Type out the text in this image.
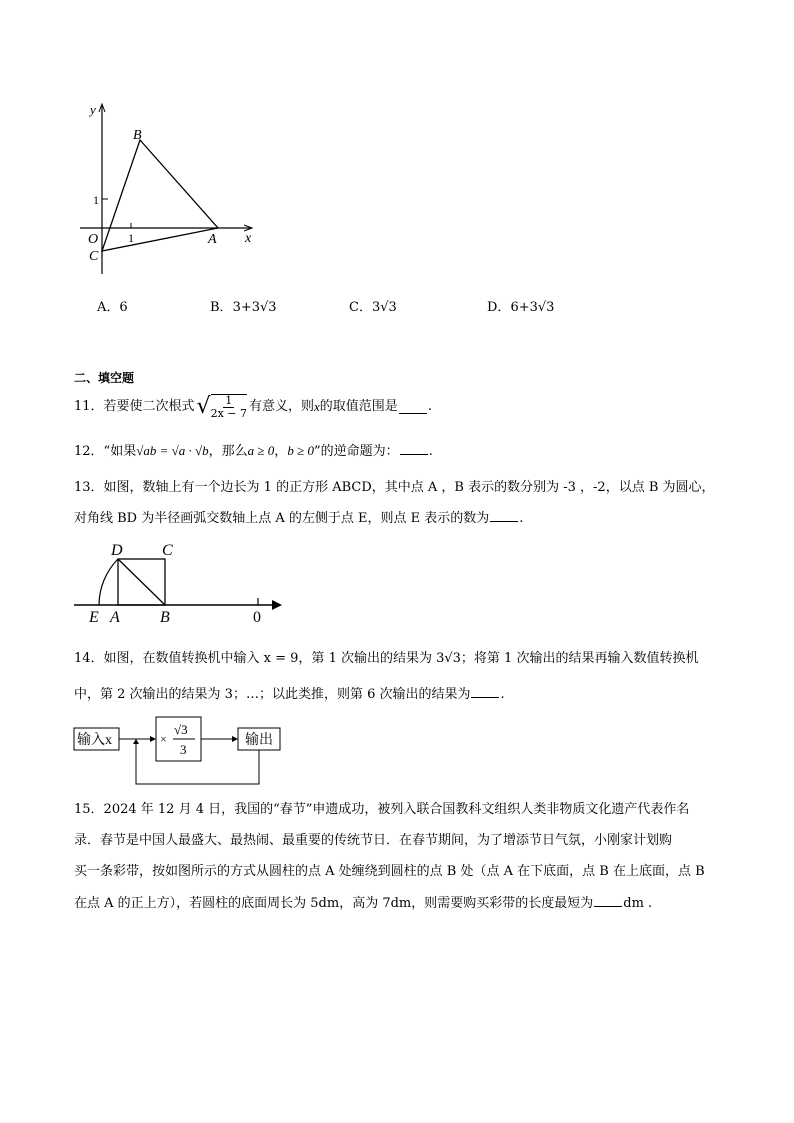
y
x
B
O
C
A
1
1
A．6	B．3+3√3	C．3√3	D．6+3√3
二、填空题
11．若要使二次根式 √ $\frac{1}{2x - 7}$ 有意义，则 x 的取值范围是 .
12．“如果√ab = √a · √b，那么a ≥ 0，b ≥ 0”的逆命题为： .
13．如图，数轴上有一个边长为 1 的正方形 ABCD，其中点 A ，B 表示的数分别为 -3 ，-2，以点 B 为圆心，
对角线 BD 为半径画弧交数轴上点 A 的左侧于点 E，则点 E 表示的数为 .
D C
E A	B	0
14．如图，在数值转换机中输入 x = 9，第 1 次输出的结果为 3√3；将第 1 次输出的结果再输入数值转换机
中，第 2 次输出的结果为 3；…；以此类推，则第 6 次输出的结果为 .
输入x	×
√3
3
输出
15．2024 年 12 月 4 日，我国的“春节”申遗成功，被列入联合国教科文组织人类非物质文化遗产代表作名
录．春节是中国人最盛大、最热闹、最重要的传统节日．在春节期间，为了增添节日气氛，小刚家计划购
买一条彩带，按如图所示的方式从圆柱的点 A 处缠绕到圆柱的点 B 处（点 A 在下底面，点 B 在上底面，点 B
在点 A 的正上方），若圆柱的底面周长为 5dm，高为 7dm，则需要购买彩带的长度最短为 dm .
